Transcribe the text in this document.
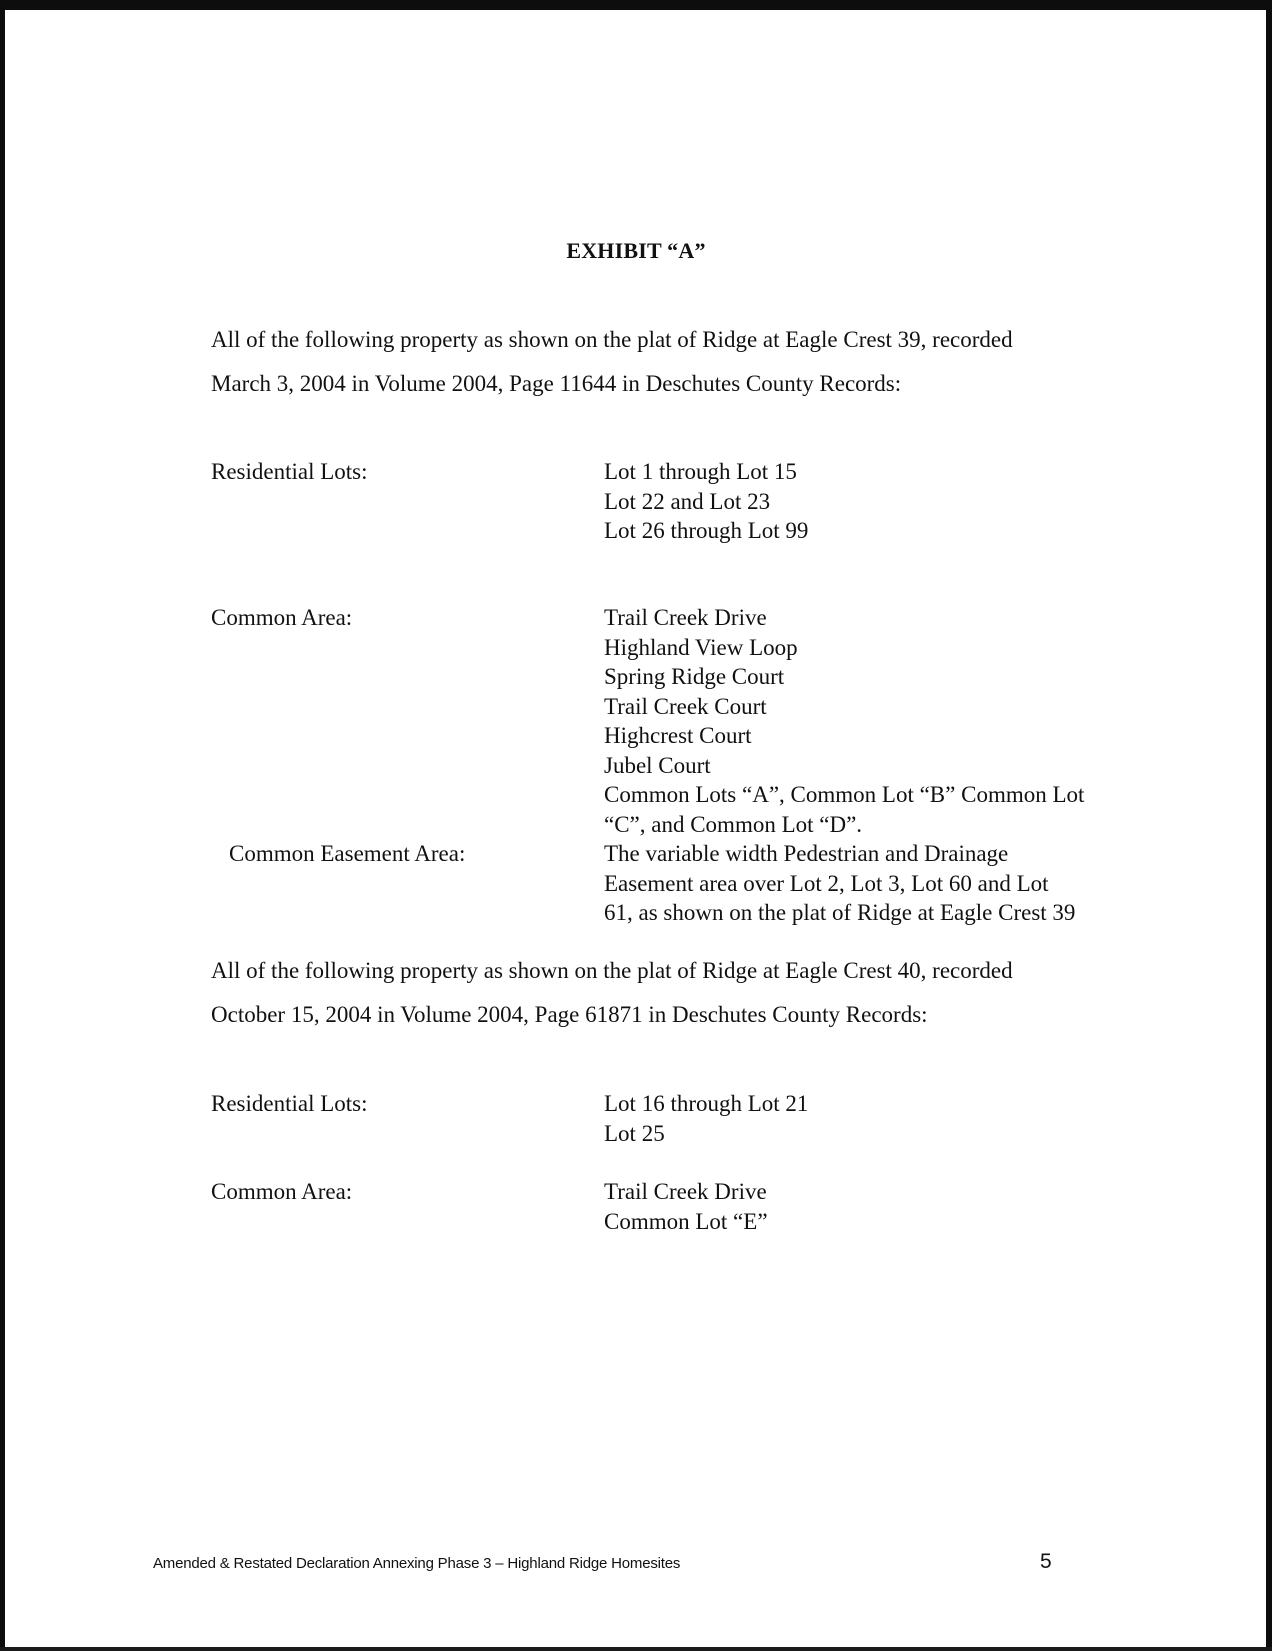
EXHIBIT “A”
All of the following property as shown on the plat of Ridge at Eagle Crest 39, recorded
March 3, 2004 in Volume 2004, Page 11644 in Deschutes County Records:
Residential Lots:	Lot 1 through Lot 15
Lot 22 and Lot 23
Lot 26 through Lot 99
Common Area:	Trail Creek Drive
Highland View Loop
Spring Ridge Court
Trail Creek Court
Highcrest Court
Jubel Court
Common Lots “A”, Common Lot “B” Common Lot
“C”, and Common Lot “D”.
Common Easement Area:	The variable width Pedestrian and Drainage
Easement area over Lot 2, Lot 3, Lot 60 and Lot
61, as shown on the plat of Ridge at Eagle Crest 39
All of the following property as shown on the plat of Ridge at Eagle Crest 40, recorded
October 15, 2004 in Volume 2004, Page 61871 in Deschutes County Records:
Residential Lots:	Lot 16 through Lot 21
Lot 25
Common Area:	Trail Creek Drive
Common Lot “E”
Amended & Restated Declaration Annexing Phase 3 – Highland Ridge Homesites	5
